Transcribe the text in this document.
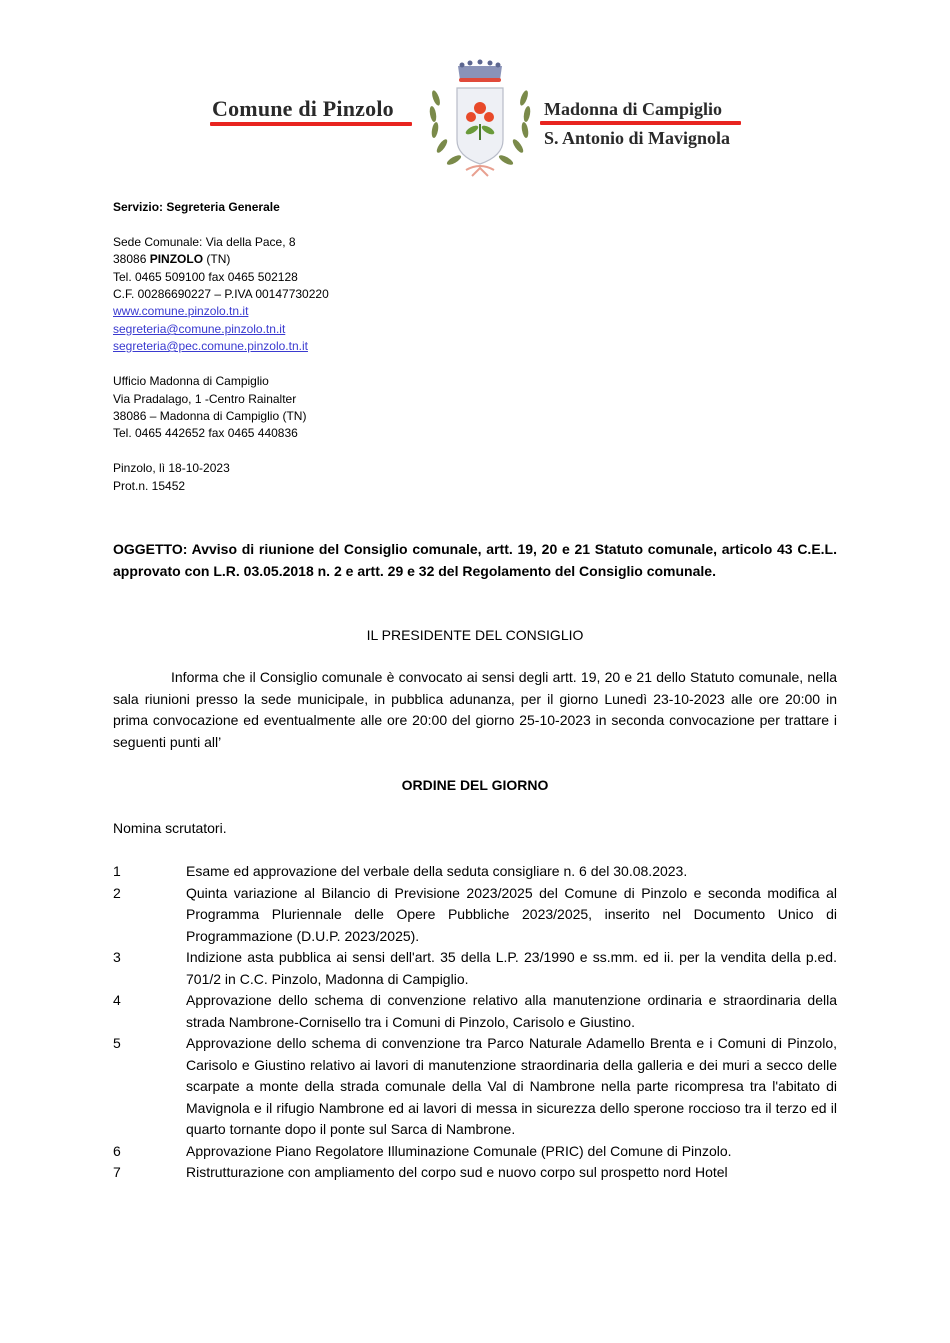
Comune di Pinzolo	Madonna di Campiglio
S. Antonio di Mavignola
Servizio: Segreteria Generale
Sede Comunale: Via della Pace, 8
38086 PINZOLO (TN)
Tel. 0465 509100 fax 0465 502128
C.F. 00286690227 – P.IVA 00147730220
www.comune.pinzolo.tn.it
segreteria@comune.pinzolo.tn.it
segreteria@pec.comune.pinzolo.tn.it
Ufficio Madonna di Campiglio
Via Pradalago, 1 -Centro Rainalter
38086 – Madonna di Campiglio (TN)
Tel. 0465 442652 fax 0465 440836
Pinzolo, lì 18-10-2023
Prot.n. 15452
OGGETTO: Avviso di riunione del Consiglio comunale, artt. 19, 20 e 21 Statuto comunale, articolo 43 C.E.L. approvato con L.R. 03.05.2018 n. 2 e artt. 29 e 32 del Regolamento del Consiglio comunale.
IL PRESIDENTE DEL CONSIGLIO
Informa che il Consiglio comunale è convocato ai sensi degli artt. 19, 20 e 21 dello Statuto comunale, nella sala riunioni presso la sede municipale, in pubblica adunanza, per il giorno Lunedì 23-10-2023 alle ore 20:00 in prima convocazione ed eventualmente alle ore 20:00 del giorno 25-10-2023 in seconda convocazione per trattare i seguenti punti all’
ORDINE DEL GIORNO
Nomina scrutatori.
1	Esame ed approvazione del verbale della seduta consigliare n. 6 del 30.08.2023.
2	Quinta variazione al Bilancio di Previsione 2023/2025 del Comune di Pinzolo e seconda modifica al Programma Pluriennale delle Opere Pubbliche 2023/2025, inserito nel Documento Unico di Programmazione (D.U.P. 2023/2025).
3	Indizione asta pubblica ai sensi dell'art. 35 della L.P. 23/1990 e ss.mm. ed ii. per la vendita della p.ed. 701/2 in C.C. Pinzolo, Madonna di Campiglio.
4	Approvazione dello schema di convenzione relativo alla manutenzione ordinaria e straordinaria della strada Nambrone-Cornisello tra i Comuni di Pinzolo, Carisolo e Giustino.
5	Approvazione dello schema di convenzione tra Parco Naturale Adamello Brenta e i Comuni di Pinzolo, Carisolo e Giustino relativo ai lavori di manutenzione straordinaria della galleria e dei muri a secco delle scarpate a monte della strada comunale della Val di Nambrone nella parte ricompresa tra l'abitato di Mavignola e il rifugio Nambrone ed ai lavori di messa in sicurezza dello sperone roccioso tra il terzo ed il quarto tornante dopo il ponte sul Sarca di Nambrone.
6	Approvazione Piano Regolatore Illuminazione Comunale (PRIC) del Comune di Pinzolo.
7	Ristrutturazione con ampliamento del corpo sud e nuovo corpo sul prospetto nord Hotel
